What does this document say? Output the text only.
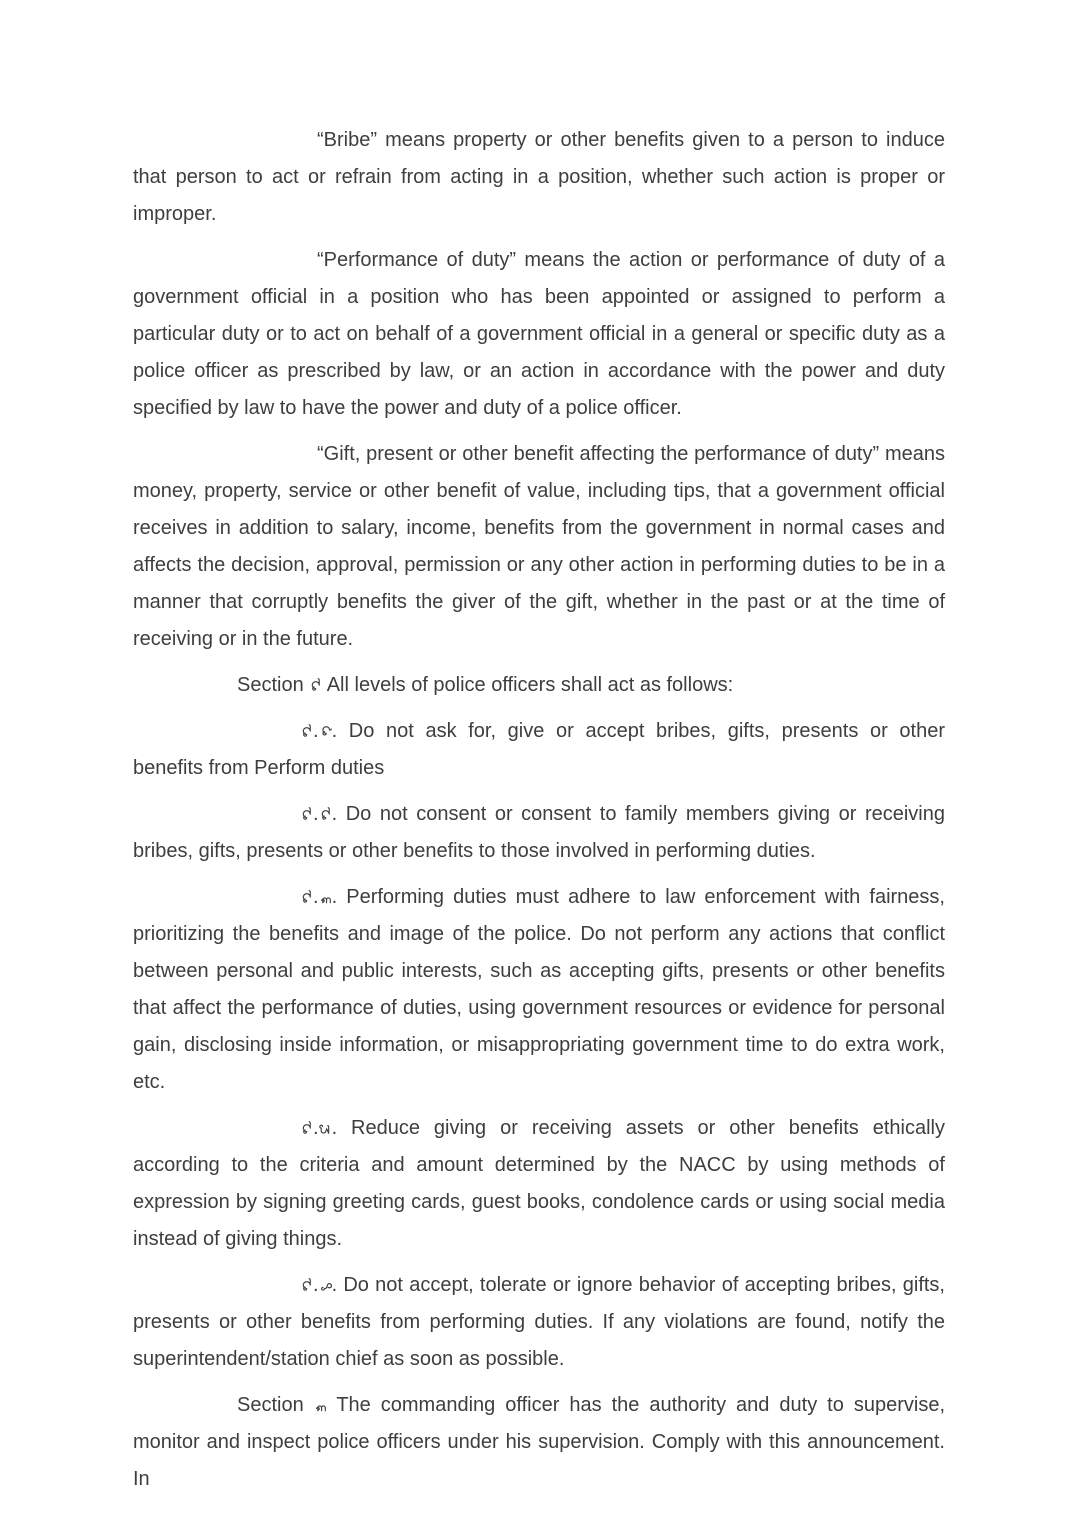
“Bribe” means property or other benefits given to a person to induce that person to act or refrain from acting in a position, whether such action is proper or improper.

“Performance of duty” means the action or performance of duty of a government official in a position who has been appointed or assigned to perform a particular duty or to act on behalf of a government official in a general or specific duty as a police officer as prescribed by law, or an action in accordance with the power and duty specified by law to have the power and duty of a police officer.

“Gift, present or other benefit affecting the performance of duty” means money, property, service or other benefit of value, including tips, that a government official receives in addition to salary, income, benefits from the government in normal cases and affects the decision, approval, permission or any other action in performing duties to be in a manner that corruptly benefits the giver of the gift, whether in the past or at the time of receiving or in the future.

Section
All levels of police officers shall act as follows:

. . Do not ask for, give or accept bribes, gifts, presents or other benefits from Perform duties

. . Do not consent or consent to family members giving or receiving bribes, gifts, presents or other benefits to those involved in performing duties.

. . Performing duties must adhere to law enforcement with fairness, prioritizing the benefits and image of the police. Do not perform any actions that conflict between personal and public interests, such as accepting gifts, presents or other benefits that affect the performance of duties, using government resources or evidence for personal gain, disclosing inside information, or misappropriating government time to do extra work, etc.

. . Reduce giving or receiving assets or other benefits ethically according to the criteria and amount determined by the NACC by using methods of expression by signing greeting cards, guest books, condolence cards or using social media instead of giving things.

. . Do not accept, tolerate or ignore behavior of accepting bribes, gifts, presents or other benefits from performing duties. If any violations are found, notify the superintendent/station chief as soon as possible.

Section
The commanding officer has the authority and duty to supervise, monitor and inspect police officers under his supervision. Comply with this announcement. In
